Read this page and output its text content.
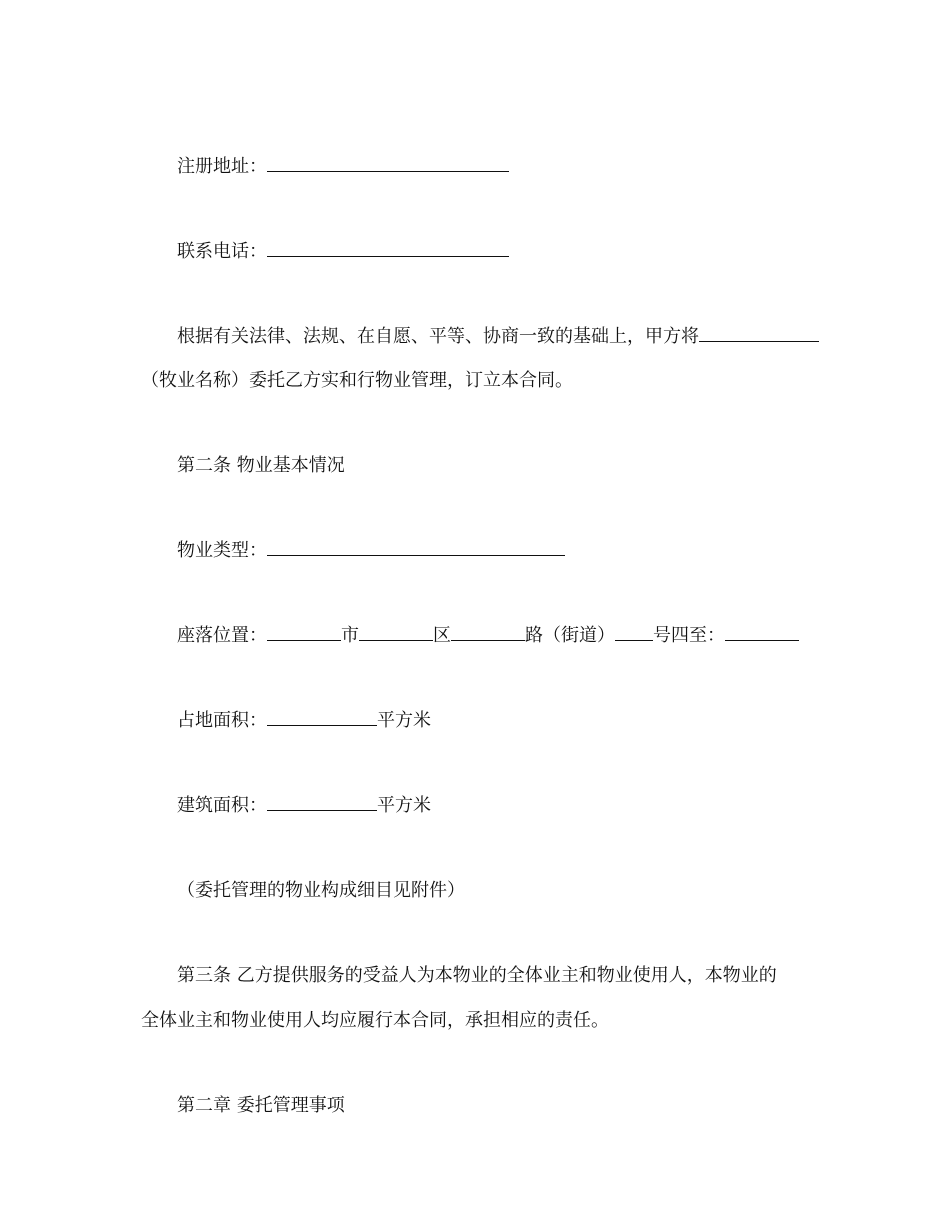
注册地址：
联系电话：
根据有关法律、法规、在自愿、平等、协商一致的基础上，甲方将
（牧业名称）委托乙方实和行物业管理，订立本合同。
第二条 物业基本情况
物业类型：
座落位置：	市	区	路（街道） 号四至：
占地面积：	平方米
建筑面积：	平方米
（委托管理的物业构成细目见附件）
第三条 乙方提供服务的受益人为本物业的全体业主和物业使用人，本物业的
全体业主和物业使用人均应履行本合同，承担相应的责任。
第二章 委托管理事项
